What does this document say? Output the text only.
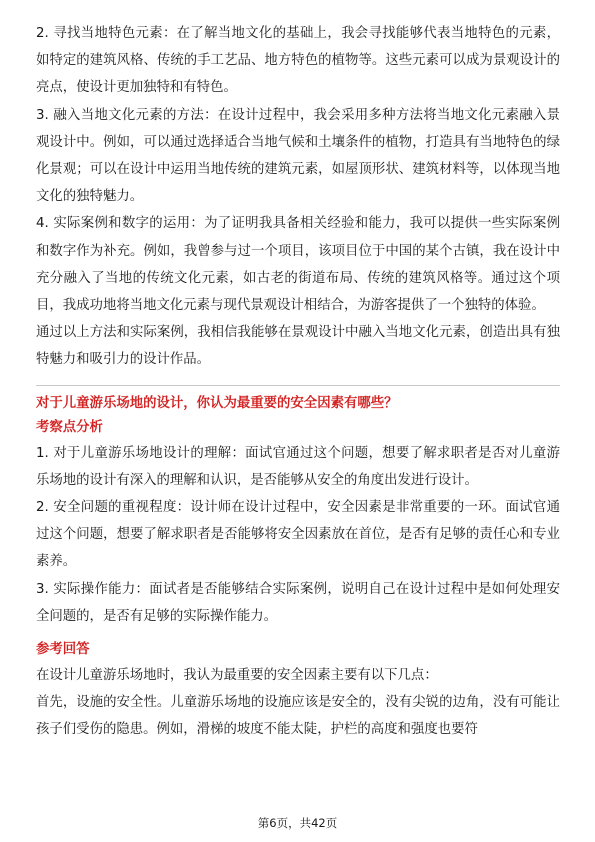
2. 寻找当地特色元素：在了解当地文化的基础上，我会寻找能够代表当地特色的元素，如特定的建筑风格、传统的手工艺品、地方特色的植物等。这些元素可以成为景观设计的亮点，使设计更加独特和有特色。

3. 融入当地文化元素的方法：在设计过程中，我会采用多种方法将当地文化元素融入景观设计中。例如，可以通过选择适合当地气候和土壤条件的植物，打造具有当地特色的绿化景观；可以在设计中运用当地传统的建筑元素，如屋顶形状、建筑材料等，以体现当地文化的独特魅力。

4. 实际案例和数字的运用：为了证明我具备相关经验和能力，我可以提供一些实际案例和数字作为补充。例如，我曾参与过一个项目，该项目位于中国的某个古镇，我在设计中充分融入了当地的传统文化元素，如古老的街道布局、传统的建筑风格等。通过这个项目，我成功地将当地文化元素与现代景观设计相结合，为游客提供了一个独特的体验。

通过以上方法和实际案例，我相信我能够在景观设计中融入当地文化元素，创造出具有独特魅力和吸引力的设计作品。

对于儿童游乐场地的设计，你认为最重要的安全因素有哪些？

考察点分析

1. 对于儿童游乐场地设计的理解：面试官通过这个问题，想要了解求职者是否对儿童游乐场地的设计有深入的理解和认识，是否能够从安全的角度出发进行设计。

2. 安全问题的重视程度：设计师在设计过程中，安全因素是非常重要的一环。面试官通过这个问题，想要了解求职者是否能够将安全因素放在首位，是否有足够的责任心和专业素养。

3. 实际操作能力：面试者是否能够结合实际案例，说明自己在设计过程中是如何处理安全问题的，是否有足够的实际操作能力。

参考回答

在设计儿童游乐场地时，我认为最重要的安全因素主要有以下几点：

首先，设施的安全性。儿童游乐场地的设施应该是安全的，没有尖锐的边角，没有可能让孩子们受伤的隐患。例如，滑梯的坡度不能太陡，护栏的高度和强度也要符

第6页，共42页
